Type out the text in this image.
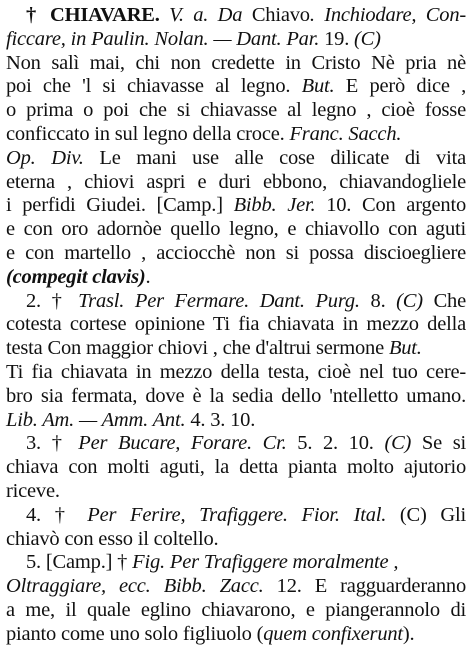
† CHIAVARE. V. a. Da Chiavo. Inchiodare, Con-
ficcare, in Paulin. Nolan. — Dant. Par. 19. (C)
Non salì mai, chi non credette in Cristo Nè pria nè
poi che 'l si chiavasse al legno. But. E però dice ,
o prima o poi che si chiavasse al legno , cioè fosse
conficcato in sul legno della croce. Franc. Sacch.
Op. Div. Le mani use alle cose dilicate di vita
eterna , chiovi aspri e duri ebbono, chiavandogliele
i perfidi Giudei. [Camp.] Bibb. Jer. 10. Con argento
e con oro adornòe quello legno, e chiavollo con aguti
e con martello , acciocchè non si possa discioegliere
(compegit clavis).
2. † Trasl. Per Fermare. Dant. Purg. 8. (C) Che
cotesta cortese opinione Ti fia chiavata in mezzo della
testa Con maggior chiovi , che d'altrui sermone But.
Ti fia chiavata in mezzo della testa, cioè nel tuo cere-
bro sia fermata, dove è la sedia dello 'ntelletto umano.
Lib. Am. — Amm. Ant. 4. 3. 10.
3. † Per Bucare, Forare. Cr. 5. 2. 10. (C) Se si
chiava con molti aguti, la detta pianta molto ajutorio
riceve.
4. † Per Ferire, Trafiggere. Fior. Ital. (C) Gli
chiavò con esso il coltello.
5. [Camp.] † Fig. Per Trafiggere moralmente ,
Oltraggiare, ecc. Bibb. Zacc. 12. E ragguarderanno
a me, il quale eglino chiavarono, e piangerannolo di
pianto come uno solo figliuolo (quem confixerunt).
